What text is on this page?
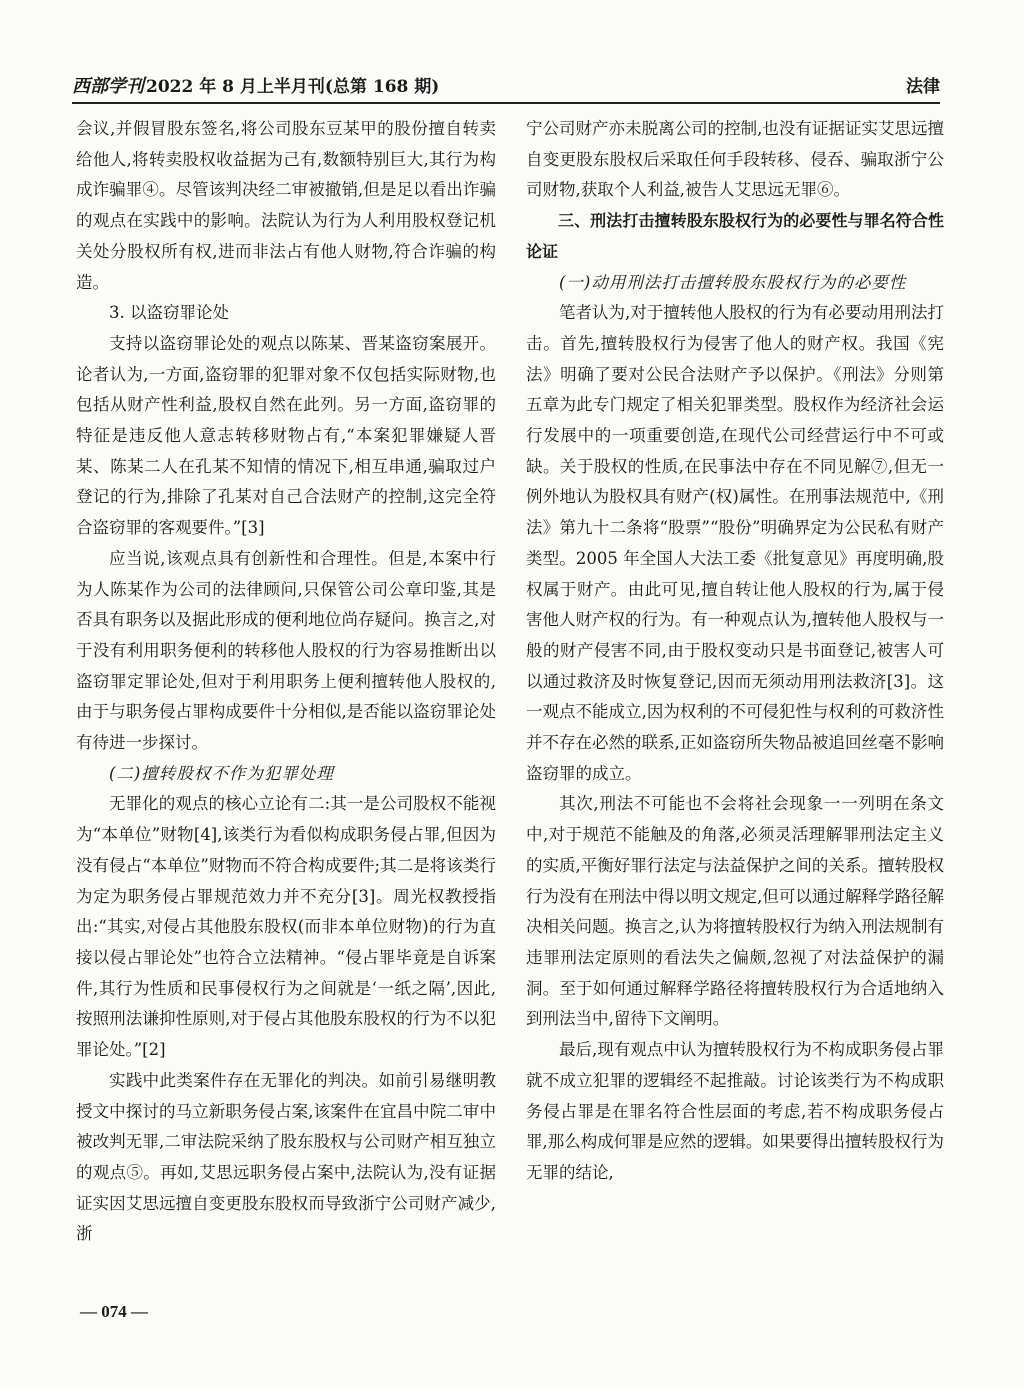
西部学刊 2022 年 8 月上半月刊(总第 168 期)	法律

会议,并假冒股东签名,将公司股东豆某甲的股份擅自转卖给他人,将转卖股权收益据为己有,数额特别巨大,其行为构成诈骗罪④。尽管该判决经二审被撤销,但是足以看出诈骗的观点在实践中的影响。法院认为行为人利用股权登记机关处分股权所有权,进而非法占有他人财物,符合诈骗的构造。

3. 以盗窃罪论处

支持以盗窃罪论处的观点以陈某、晋某盗窃案展开。论者认为,一方面,盗窃罪的犯罪对象不仅包括实际财物,也包括从财产性利益,股权自然在此列。另一方面,盗窃罪的特征是违反他人意志转移财物占有,“本案犯罪嫌疑人晋某、陈某二人在孔某不知情的情况下,相互串通,骗取过户登记的行为,排除了孔某对自己合法财产的控制,这完全符合盗窃罪的客观要件。”[3]

应当说,该观点具有创新性和合理性。但是,本案中行为人陈某作为公司的法律顾问,只保管公司公章印鉴,其是否具有职务以及据此形成的便利地位尚存疑问。换言之,对于没有利用职务便利的转移他人股权的行为容易推断出以盗窃罪定罪论处,但对于利用职务上便利擅转他人股权的,由于与职务侵占罪构成要件十分相似,是否能以盗窃罪论处有待进一步探讨。

(二)擅转股权不作为犯罪处理

无罪化的观点的核心立论有二:其一是公司股权不能视为“本单位”财物[4],该类行为看似构成职务侵占罪,但因为没有侵占“本单位”财物而不符合构成要件;其二是将该类行为定为职务侵占罪规范效力并不充分[3]。周光权教授指出:“其实,对侵占其他股东股权(而非本单位财物)的行为直接以侵占罪论处”也符合立法精神。“侵占罪毕竟是自诉案件,其行为性质和民事侵权行为之间就是‘一纸之隔’,因此,按照刑法谦抑性原则,对于侵占其他股东股权的行为不以犯罪论处。”[2]

实践中此类案件存在无罪化的判决。如前引易继明教授文中探讨的马立新职务侵占案,该案件在宜昌中院二审中被改判无罪,二审法院采纳了股东股权与公司财产相互独立的观点⑤。再如,艾思远职务侵占案中,法院认为,没有证据证实因艾思远擅自变更股东股权而导致浙宁公司财产减少,浙

宁公司财产亦未脱离公司的控制,也没有证据证实艾思远擅自变更股东股权后采取任何手段转移、侵吞、骗取浙宁公司财物,获取个人利益,被告人艾思远无罪⑥。

三、刑法打击擅转股东股权行为的必要性与罪名符合性论证

(一)动用刑法打击擅转股东股权行为的必要性

笔者认为,对于擅转他人股权的行为有必要动用刑法打击。首先,擅转股权行为侵害了他人的财产权。我国《宪法》明确了要对公民合法财产予以保护。《刑法》分则第五章为此专门规定了相关犯罪类型。股权作为经济社会运行发展中的一项重要创造,在现代公司经营运行中不可或缺。关于股权的性质,在民事法中存在不同见解⑦,但无一例外地认为股权具有财产(权)属性。在刑事法规范中,《刑法》第九十二条将“股票”“股份”明确界定为公民私有财产类型。2005 年全国人大法工委《批复意见》再度明确,股权属于财产。由此可见,擅自转让他人股权的行为,属于侵害他人财产权的行为。有一种观点认为,擅转他人股权与一般的财产侵害不同,由于股权变动只是书面登记,被害人可以通过救济及时恢复登记,因而无须动用刑法救济[3]。这一观点不能成立,因为权利的不可侵犯性与权利的可救济性并不存在必然的联系,正如盗窃所失物品被追回丝毫不影响盗窃罪的成立。

其次,刑法不可能也不会将社会现象一一列明在条文中,对于规范不能触及的角落,必须灵活理解罪刑法定主义的实质,平衡好罪行法定与法益保护之间的关系。擅转股权行为没有在刑法中得以明文规定,但可以通过解释学路径解决相关问题。换言之,认为将擅转股权行为纳入刑法规制有违罪刑法定原则的看法失之偏颇,忽视了对法益保护的漏洞。至于如何通过解释学路径将擅转股权行为合适地纳入到刑法当中,留待下文阐明。

最后,现有观点中认为擅转股权行为不构成职务侵占罪就不成立犯罪的逻辑经不起推敲。讨论该类行为不构成职务侵占罪是在罪名符合性层面的考虑,若不构成职务侵占罪,那么构成何罪是应然的逻辑。如果要得出擅转股权行为无罪的结论,

— 074 —
